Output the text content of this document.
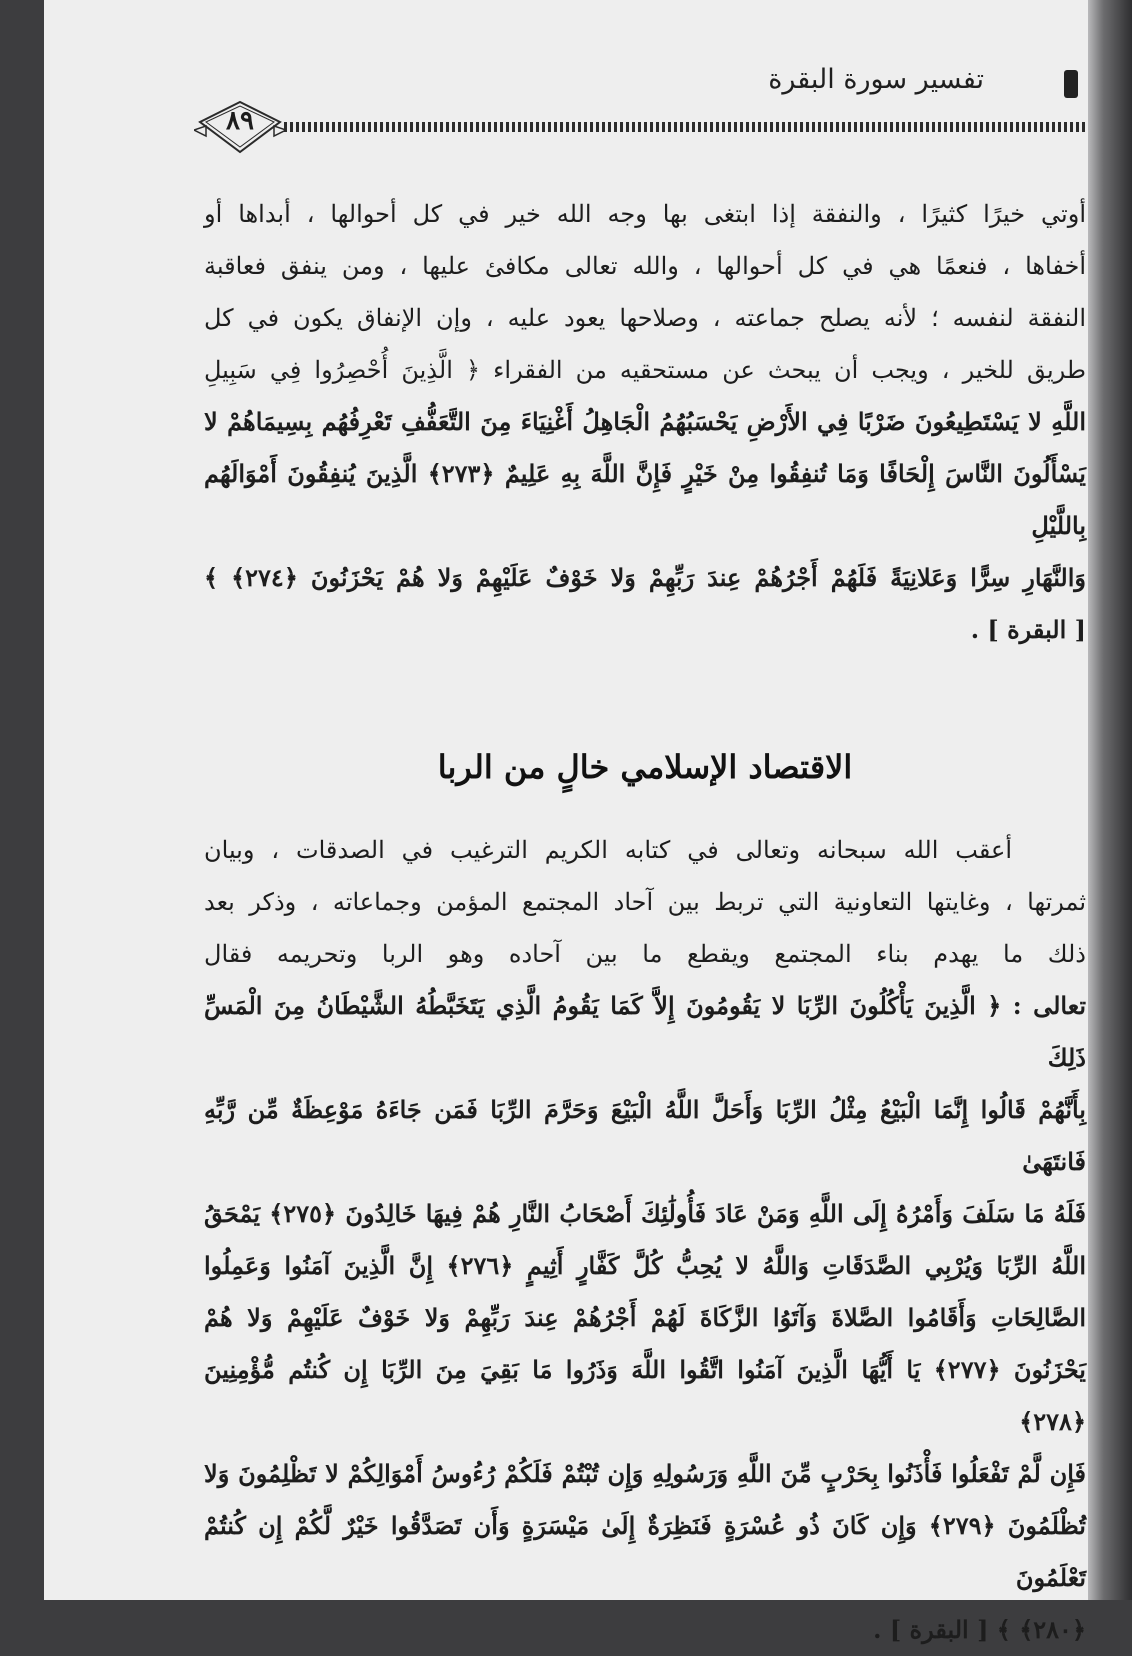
تفسير سورة البقرة
٨٩

أوتي خيرًا كثيرًا ، والنفقة إذا ابتغى بها وجه الله خير في كل أحوالها ، أبداها أو

أخفاها ، فنعمًا هي في كل أحوالها ، والله تعالى مكافئ عليها ، ومن ينفق فعاقبة

النفقة لنفسه ؛ لأنه يصلح جماعته ، وصلاحها يعود عليه ، وإن الإنفاق يكون في كل

طريق للخير ، ويجب أن يبحث عن مستحقيه من الفقراء ﴿ الَّذِينَ أُحْصِرُوا فِي سَبِيلِ

اللَّهِ لا يَسْتَطِيعُونَ ضَرْبًا فِي الأَرْضِ يَحْسَبُهُمُ الْجَاهِلُ أَغْنِيَاءَ مِنَ التَّعَفُّفِ تَعْرِفُهُم بِسِيمَاهُمْ لا

يَسْأَلُونَ النَّاسَ إِلْحَافًا وَمَا تُنفِقُوا مِنْ خَيْرٍ فَإِنَّ اللَّهَ بِهِ عَلِيمٌ ﴿٢٧٣﴾ الَّذِينَ يُنفِقُونَ أَمْوَالَهُم بِاللَّيْلِ

وَالنَّهَارِ سِرًّا وَعَلانِيَةً فَلَهُمْ أَجْرُهُمْ عِندَ رَبِّهِمْ وَلا خَوْفٌ عَلَيْهِمْ وَلا هُمْ يَحْزَنُونَ ﴿٢٧٤﴾ ﴾

[ البقرة ] .

الاقتصاد الإسلامي خالٍ من الربا

أعقب الله سبحانه وتعالى في كتابه الكريم الترغيب في الصدقات ، وبيان

ثمرتها ، وغايتها التعاونية التي تربط بين آحاد المجتمع المؤمن وجماعاته ، وذكر بعد

ذلك ما يهدم بناء المجتمع ويقطع ما بين آحاده وهو الربا وتحريمه فقال

تعالى : ﴿ الَّذِينَ يَأْكُلُونَ الرِّبَا لا يَقُومُونَ إِلاَّ كَمَا يَقُومُ الَّذِي يَتَخَبَّطُهُ الشَّيْطَانُ مِنَ الْمَسِّ ذَلِكَ

بِأَنَّهُمْ قَالُوا إِنَّمَا الْبَيْعُ مِثْلُ الرِّبَا وَأَحَلَّ اللَّهُ الْبَيْعَ وَحَرَّمَ الرِّبَا فَمَن جَاءَهُ مَوْعِظَةٌ مِّن رَّبِّهِ فَانتَهَىٰ

فَلَهُ مَا سَلَفَ وَأَمْرُهُ إِلَى اللَّهِ وَمَنْ عَادَ فَأُولَٰئِكَ أَصْحَابُ النَّارِ هُمْ فِيهَا خَالِدُونَ ﴿٢٧٥﴾ يَمْحَقُ

اللَّهُ الرِّبَا وَيُرْبِي الصَّدَقَاتِ وَاللَّهُ لا يُحِبُّ كُلَّ كَفَّارٍ أَثِيمٍ ﴿٢٧٦﴾ إِنَّ الَّذِينَ آمَنُوا وَعَمِلُوا

الصَّالِحَاتِ وَأَقَامُوا الصَّلاةَ وَآتَوُا الزَّكَاةَ لَهُمْ أَجْرُهُمْ عِندَ رَبِّهِمْ وَلا خَوْفٌ عَلَيْهِمْ وَلا هُمْ

يَحْزَنُونَ ﴿٢٧٧﴾ يَا أَيُّهَا الَّذِينَ آمَنُوا اتَّقُوا اللَّهَ وَذَرُوا مَا بَقِيَ مِنَ الرِّبَا إِن كُنتُم مُّؤْمِنِينَ ﴿٢٧٨﴾

فَإِن لَّمْ تَفْعَلُوا فَأْذَنُوا بِحَرْبٍ مِّنَ اللَّهِ وَرَسُولِهِ وَإِن تُبْتُمْ فَلَكُمْ رُءُوسُ أَمْوَالِكُمْ لا تَظْلِمُونَ وَلا

تُظْلَمُونَ ﴿٢٧٩﴾ وَإِن كَانَ ذُو عُسْرَةٍ فَنَظِرَةٌ إِلَىٰ مَيْسَرَةٍ وَأَن تَصَدَّقُوا خَيْرٌ لَّكُمْ إِن كُنتُمْ تَعْلَمُونَ

﴿٢٨٠﴾ ﴾ [ البقرة ] .
